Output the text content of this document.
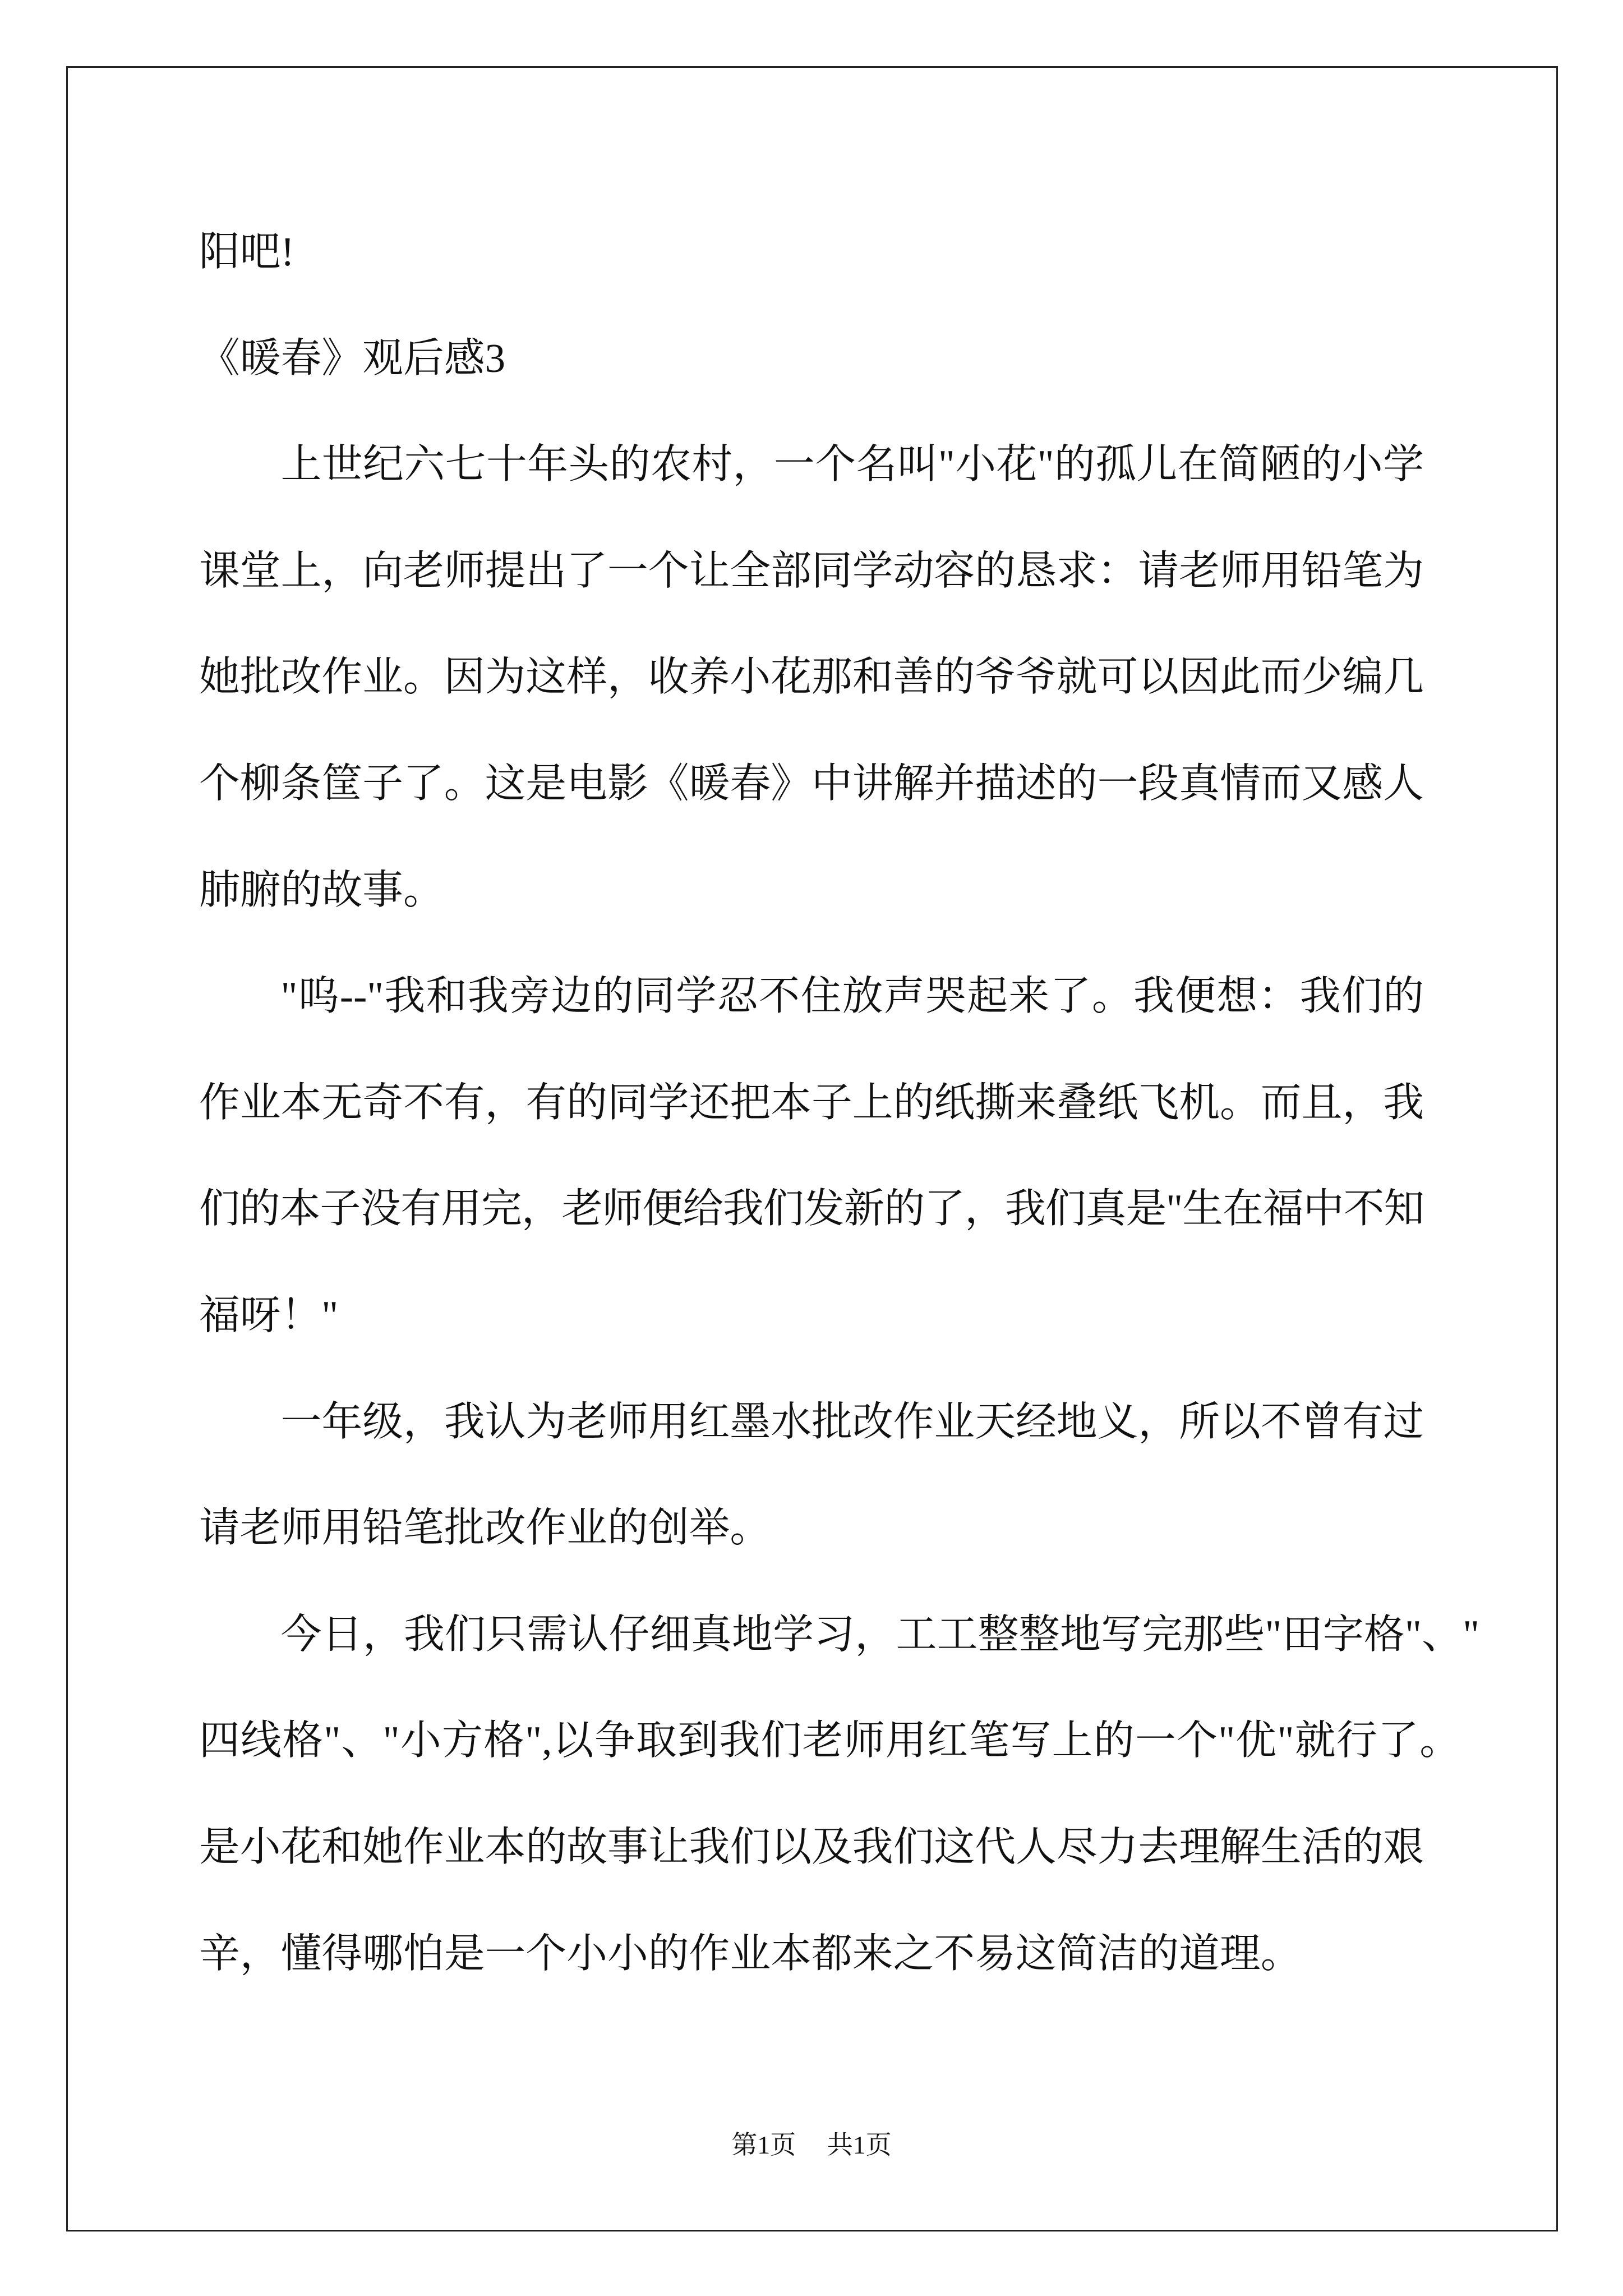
阳吧!
《暖春》观后感3
上世纪六七十年头的农村，一个名叫"小花"的孤儿在简陋的小学
课堂上，向老师提出了一个让全部同学动容的恳求：请老师用铅笔为
她批改作业。因为这样，收养小花那和善的爷爷就可以因此而少编几
个柳条筐子了。这是电影《暖春》中讲解并描述的一段真情而又感人
肺腑的故事。
"呜--"我和我旁边的同学忍不住放声哭起来了。我便想：我们的
作业本无奇不有，有的同学还把本子上的纸撕来叠纸飞机。而且，我
们的本子没有用完，老师便给我们发新的了，我们真是"生在福中不知
福呀！"
一年级，我认为老师用红墨水批改作业天经地义，所以不曾有过
请老师用铅笔批改作业的创举。
今日，我们只需认仔细真地学习，工工整整地写完那些"田字格"、"
四线格"、"小方格",以争取到我们老师用红笔写上的一个"优"就行了。
是小花和她作业本的故事让我们以及我们这代人尽力去理解生活的艰
辛，懂得哪怕是一个小小的作业本都来之不易这简洁的道理。
第1页 共1页
